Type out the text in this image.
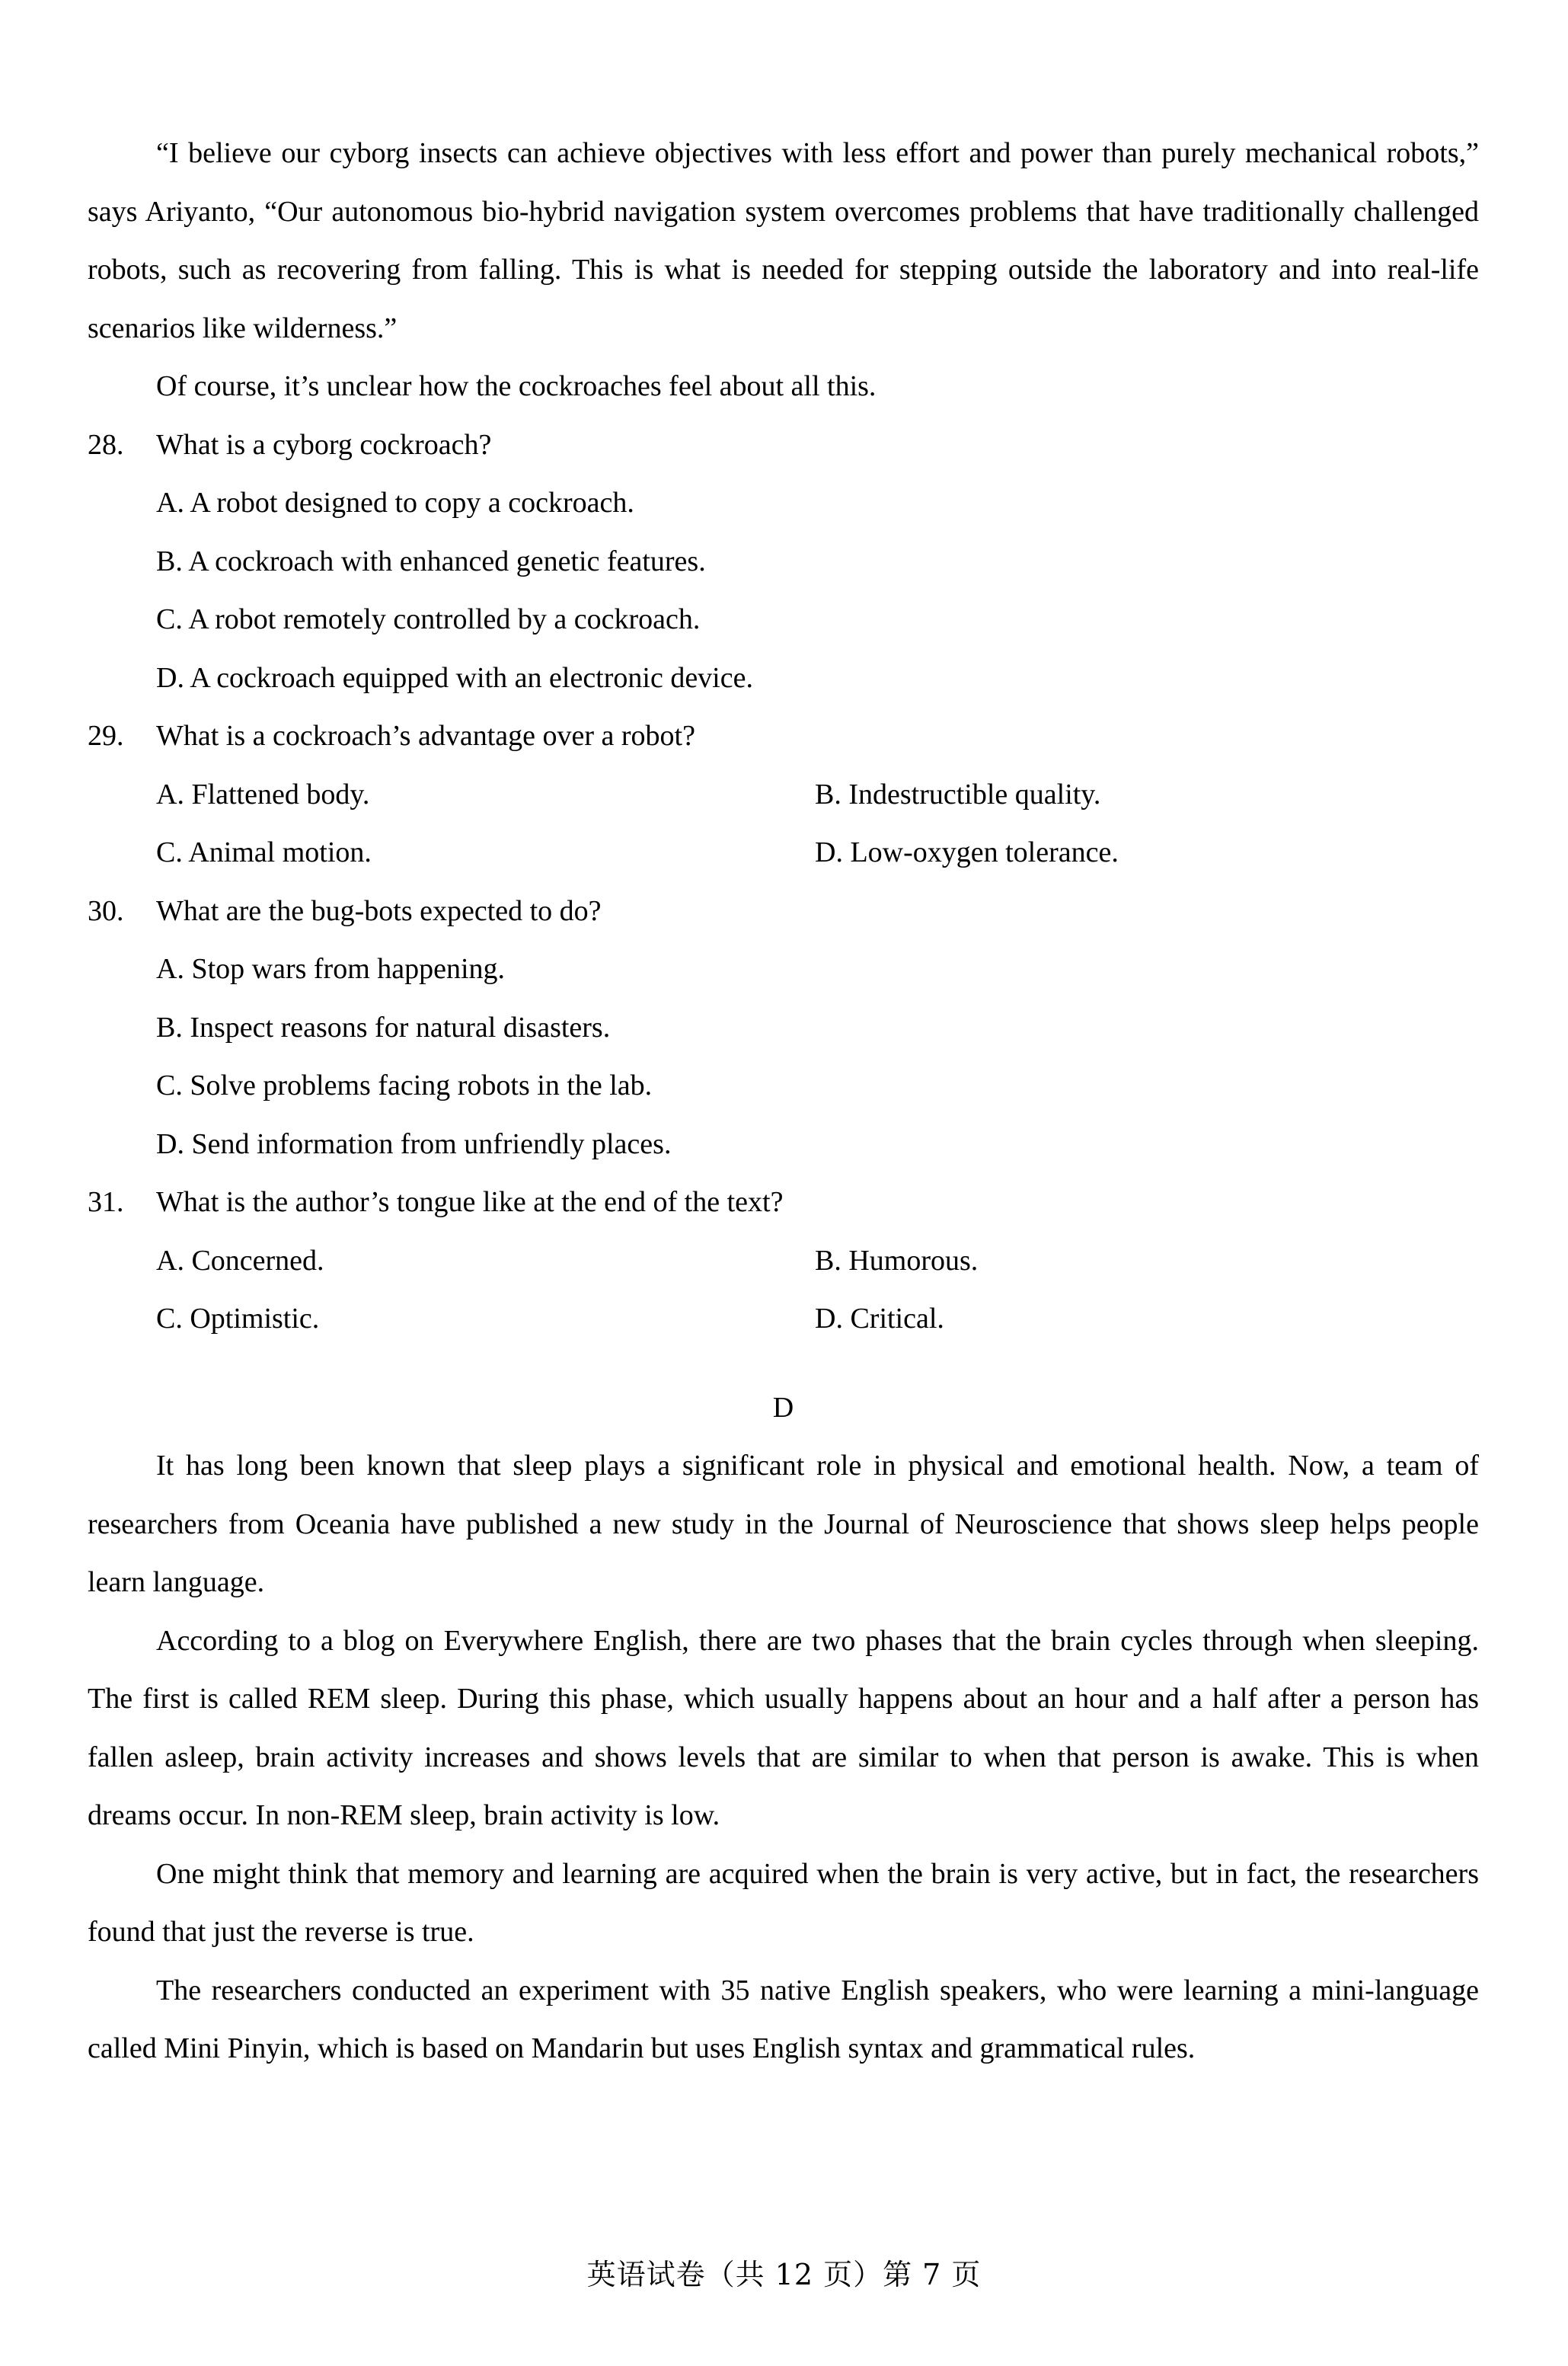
“I believe our cyborg insects can achieve objectives with less effort and power than purely mechanical robots,” says Ariyanto, “Our autonomous bio-hybrid navigation system overcomes problems that have traditionally challenged robots, such as recovering from falling. This is what is needed for stepping outside the laboratory and into real-life scenarios like wilderness.”

Of course, it’s unclear how the cockroaches feel about all this.

28.	What is a cyborg cockroach?

A. A robot designed to copy a cockroach.

B. A cockroach with enhanced genetic features.

C. A robot remotely controlled by a cockroach.

D. A cockroach equipped with an electronic device.

29.	What is a cockroach’s advantage over a robot?
A. Flattened body.	B. Indestructible quality.
C. Animal motion.	D. Low-oxygen tolerance.
30.	What are the bug-bots expected to do?

A. Stop wars from happening.

B. Inspect reasons for natural disasters.

C. Solve problems facing robots in the lab.

D. Send information from unfriendly places.

31.	What is the author’s tongue like at the end of the text?
A. Concerned.	B. Humorous.
C. Optimistic.	D. Critical.

D

It has long been known that sleep plays a significant role in physical and emotional health. Now, a team of researchers from Oceania have published a new study in the Journal of Neuroscience that shows sleep helps people learn language.

According to a blog on Everywhere English, there are two phases that the brain cycles through when sleeping. The first is called REM sleep. During this phase, which usually happens about an hour and a half after a person has fallen asleep, brain activity increases and shows levels that are similar to when that person is awake. This is when dreams occur. In non-REM sleep, brain activity is low.

One might think that memory and learning are acquired when the brain is very active, but in fact, the researchers found that just the reverse is true.

The researchers conducted an experiment with 35 native English speakers, who were learning a mini-language called Mini Pinyin, which is based on Mandarin but uses English syntax and grammatical rules.

英语试卷（共 12 页）第 7 页
